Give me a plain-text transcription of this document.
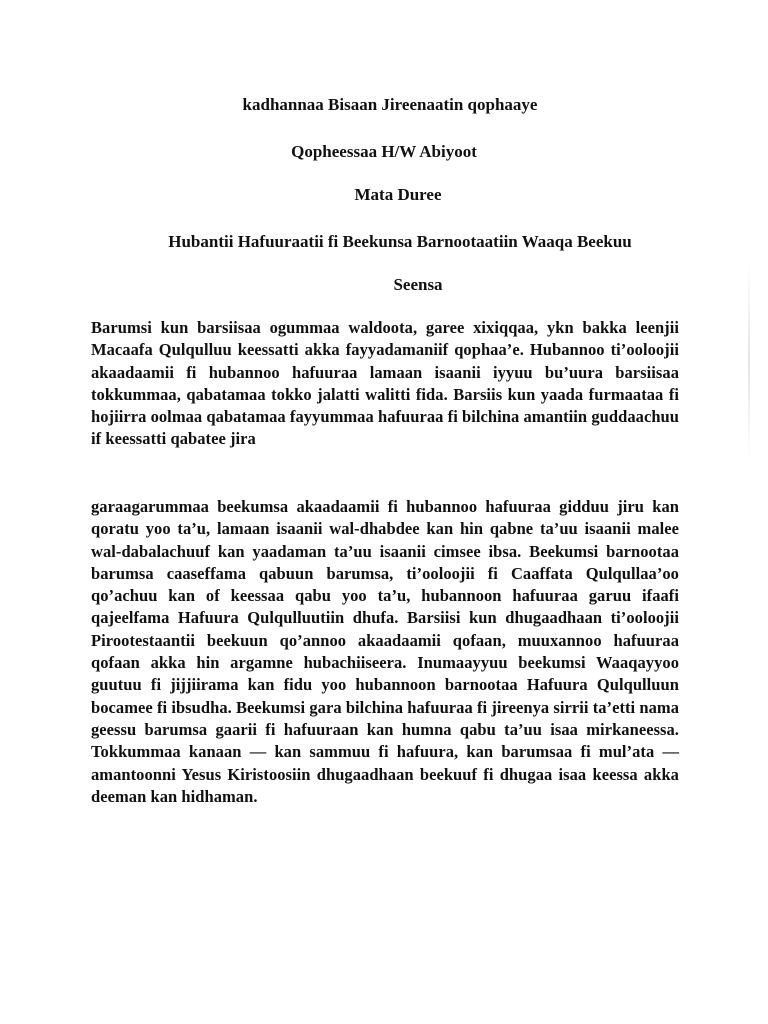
kadhannaa Bisaan Jireenaatin qophaaye

Qopheessaa H/W Abiyoot

Mata Duree

Hubantii Hafuuraatii fi Beekunsa Barnootaatiin Waaqa Beekuu

Seensa

Barumsi kun barsiisaa ogummaa waldoota, garee xixiqqaa, ykn bakka leenjii Macaafa Qulqulluu keessatti akka fayyadamaniif qophaa’e. Hubannoo ti’ooloojii akaadaamii fi hubannoo hafuuraa lamaan isaanii iyyuu bu’uura barsiisaa tokkummaa, qabatamaa tokko jalatti walitti fida. Barsiis kun yaada furmaataa fi hojiirra oolmaa qabatamaa fayyummaa hafuuraa fi bilchina amantiin guddaachuu if keessatti qabatee jira

garaagarummaa beekumsa akaadaamii fi hubannoo hafuuraa gidduu jiru kan qoratu yoo ta’u, lamaan isaanii wal-dhabdee kan hin qabne ta’uu isaanii malee wal-dabalachuuf kan yaadaman ta’uu isaanii cimsee ibsa. Beekumsi barnootaa barumsa caaseffama qabuun barumsa, ti’ooloojii fi Caaffata Qulqullaa’oo qo’achuu kan of keessaa qabu yoo ta’u, hubannoon hafuuraa garuu ifaafi qajeelfama Hafuura Qulqulluutiin dhufa. Barsiisi kun dhugaadhaan ti’ooloojii Pirootestaantii beekuun qo’annoo akaadaamii qofaan, muuxannoo hafuuraa qofaan akka hin argamne hubachiiseera. Inumaayyuu beekumsi Waaqayyoo guutuu fi jijjiirama kan fidu yoo hubannoon barnootaa Hafuura Qulqulluun bocamee fi ibsudha. Beekumsi gara bilchina hafuuraa fi jireenya sirrii ta’etti nama geessu barumsa gaarii fi hafuuraan kan humna qabu ta’uu isaa mirkaneessa. Tokkummaa kanaan — kan sammuu fi hafuura, kan barumsaa fi mul’ata — amantoonni Yesus Kiristoosiin dhugaadhaan beekuuf fi dhugaa isaa keessa akka deeman kan hidhaman.
